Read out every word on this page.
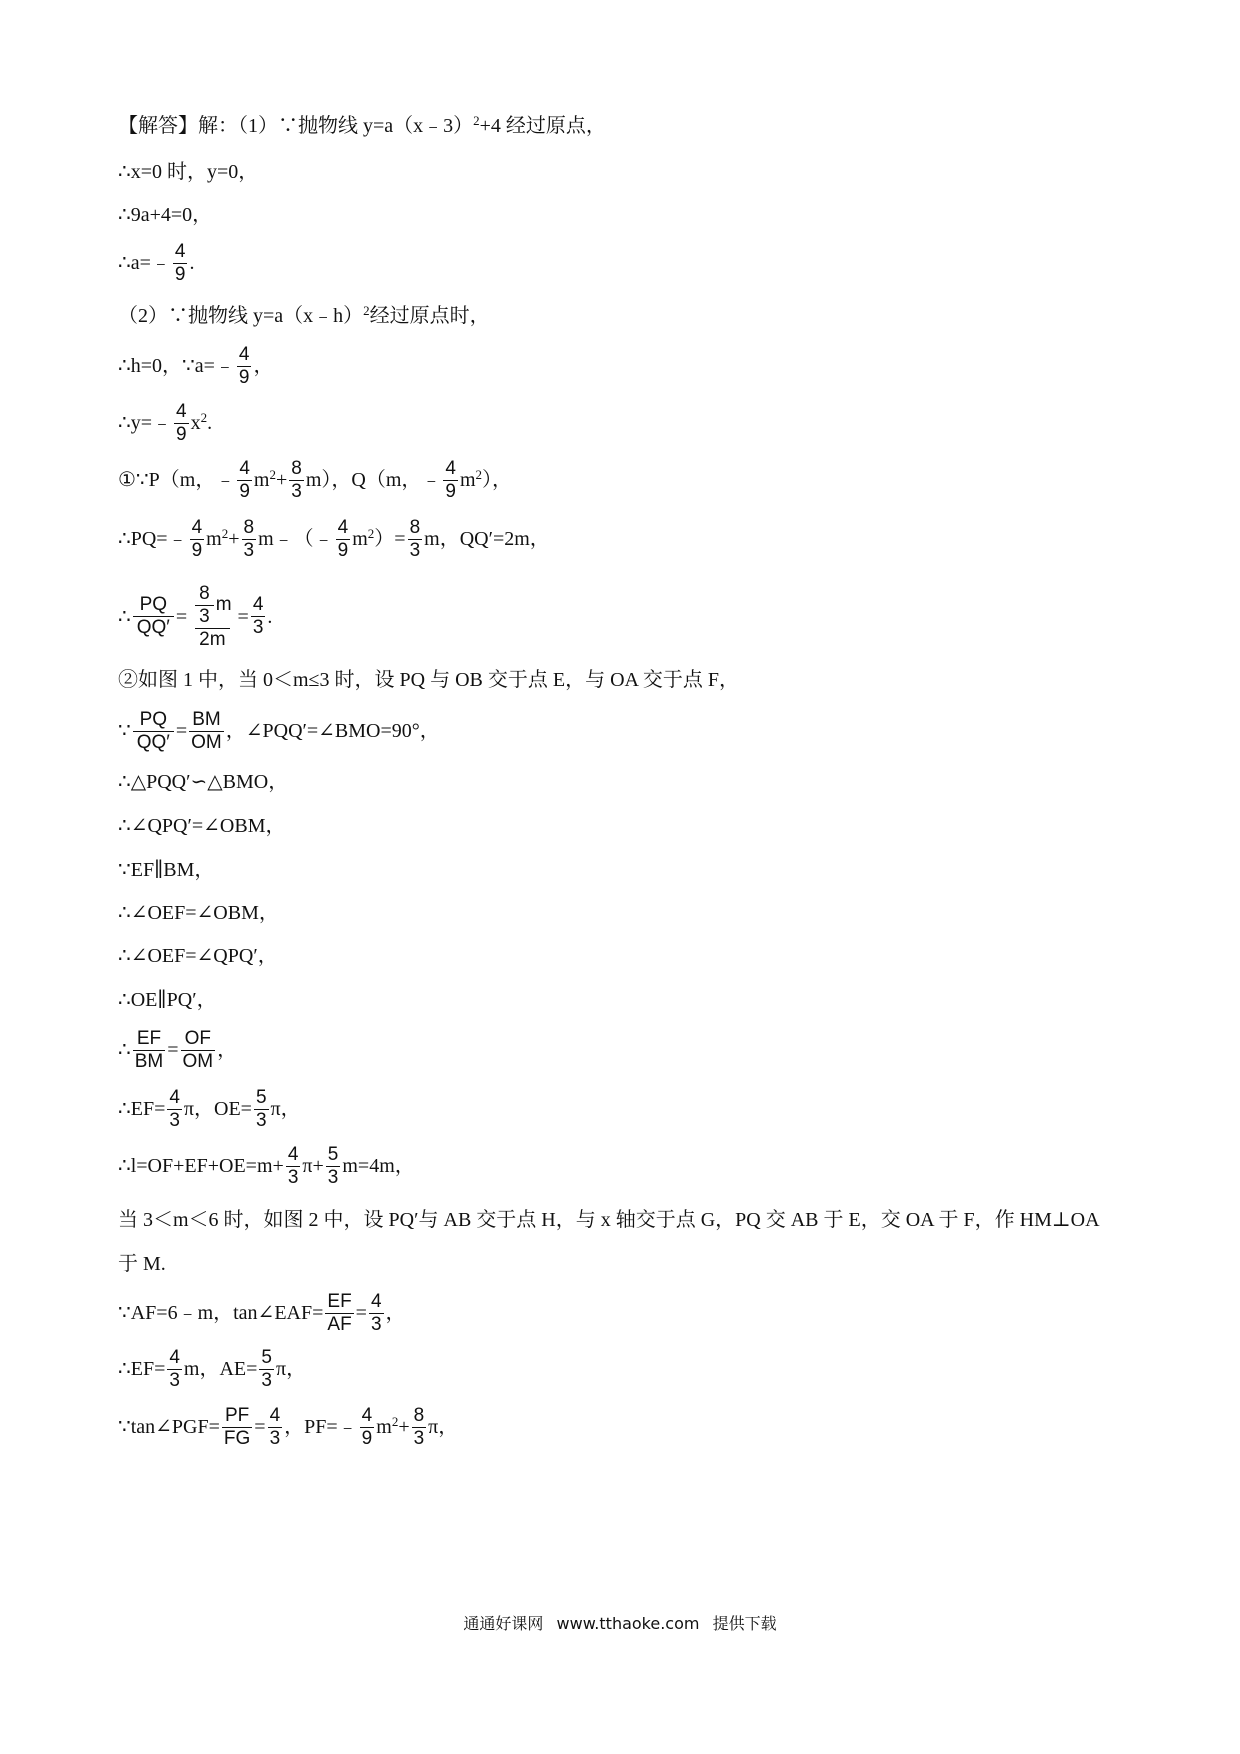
【解答】解：（1）∵抛物线 y=a（x﹣3）$^2$ +4 经过原点，
∴x=0 时，y=0，
∴9a+4=0，
∴a=﹣ $\frac{4}{9}$ .
（2）∵抛物线 y=a（x﹣h）$^2$ 经过原点时，
∴h=0，∵a=﹣ $\frac{4}{9}$ ，
∴y=﹣ $\frac{4}{9} x^2$ .
①∵P（m，﹣ $\frac{4}{9} m^2 + \frac{8}{3} m$），Q（m，﹣ $\frac{4}{9} m^2$ ），
∴PQ=﹣ $\frac{4}{9} m^2 + \frac{8}{3}$ m﹣（﹣ $\frac{4}{9} m^2$ ）= $\frac{8}{3}$ m，QQ′=2m，
∴ $\frac{PQ}{QQ'} = \frac{\frac{8}{3} m}{2m} = \frac{4}{3}$ .
②如图 1 中，当 0＜m≤3 时，设 PQ 与 OB 交于点 E，与 OA 交于点 F，
∵ $\frac{PQ}{QQ'} = \frac{BM}{OM}$ ，∠PQQ′=∠BMO=90°，
∴△PQQ′∽△BMO，
∴∠QPQ′=∠OBM，
∵EF∥BM，
∴∠OEF=∠OBM，
∴∠OEF=∠QPQ′，
∴OE∥PQ′，
∴ $\frac{EF}{BM} = \frac{OF}{OM}$ ，
∴EF= $\frac{4}{3}$ π，$OE= \frac{5}{3}$ π，
∴l=OF+EF+OE=m+ $\frac{4}{3} \pi+ \frac{5}{3} m=4m$，
当 3＜m＜6 时，如图 2 中，设 PQ′与 AB 交于点 H，与 x 轴交于点 G，PQ 交 AB 于 E，交 OA 于 F，作 HM⊥OA
于 M.
∵AF=6﹣m，tan∠EAF= $\frac{EF}{AF} = \frac{4}{3}$ ，
∴EF= $\frac{4}{3}$ m，$AE= \frac{5}{3}$ π，
∵tan∠PGF= $\frac{PF}{FG} = \frac{4}{3}$ ，PF=﹣ $\frac{4}{9} m^2 + \frac{8}{3}$ π，
通通好课网 www.tthaoke.com 提供下载
